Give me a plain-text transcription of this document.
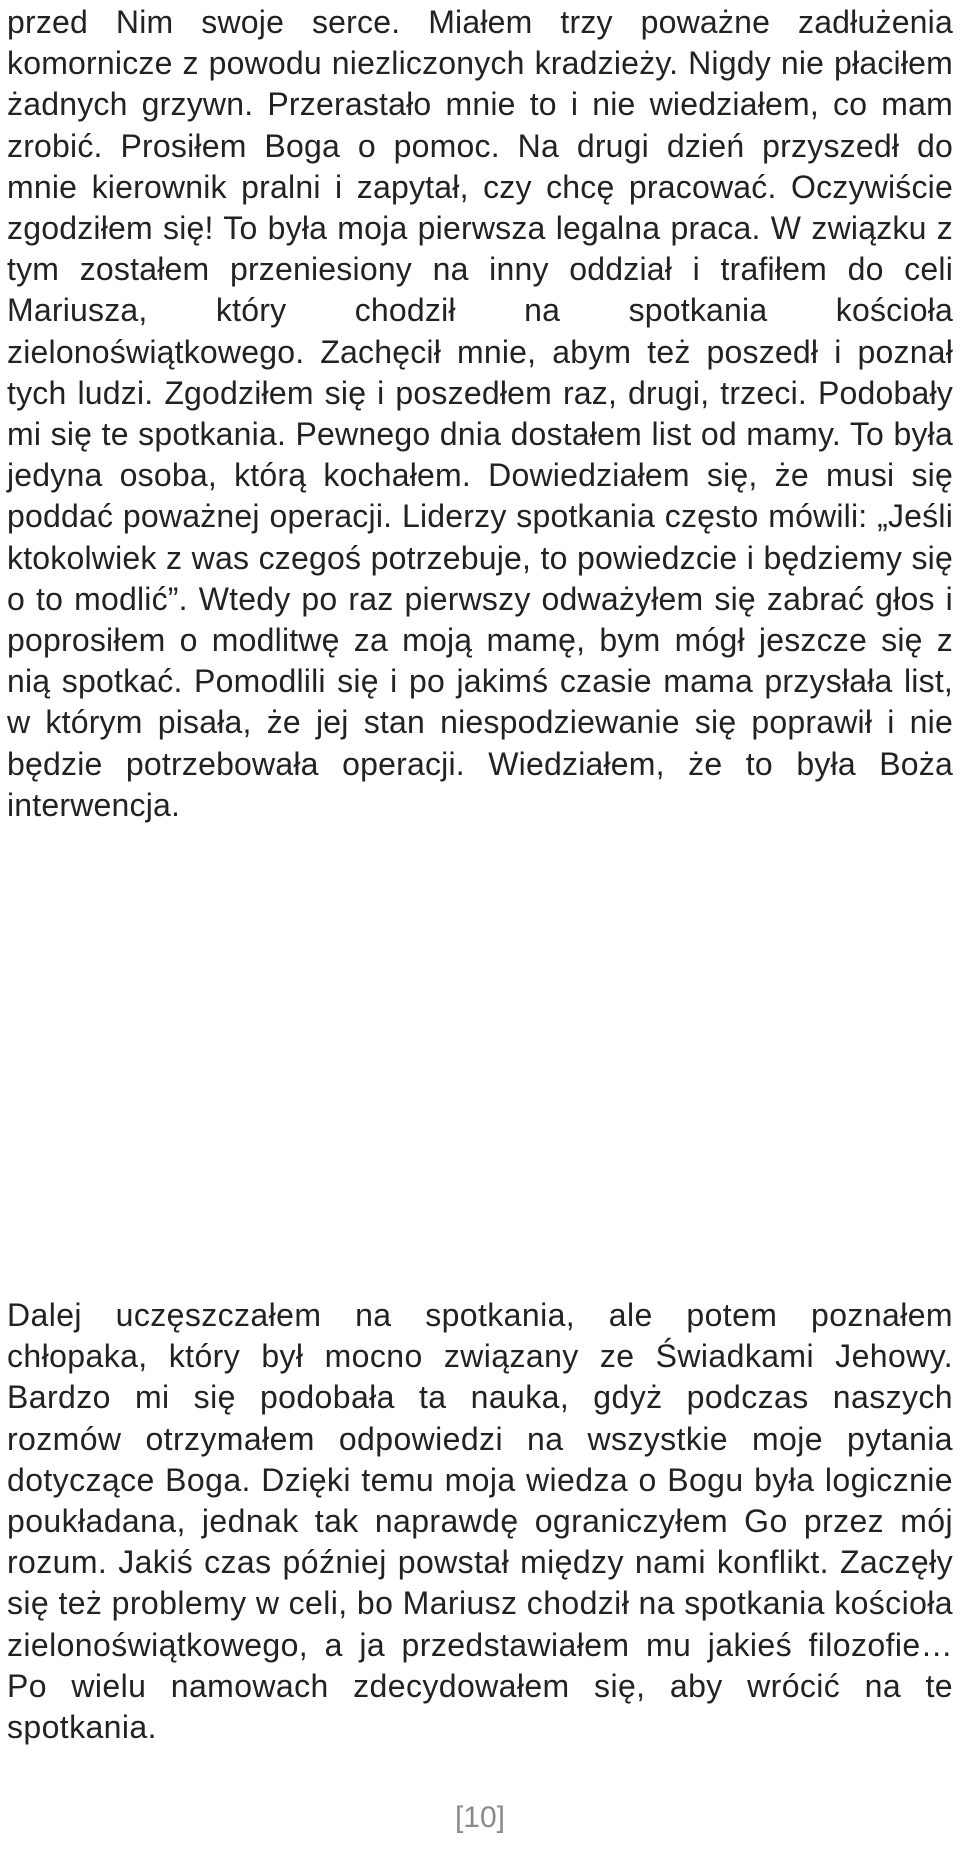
przed Nim swoje serce. Miałem trzy poważne zadłużenia komornicze z powodu niezliczonych kradzieży. Nigdy nie płaciłem żadnych grzywn. Przerastało mnie to i nie wiedziałem, co mam zrobić. Prosiłem Boga o pomoc. Na drugi dzień przyszedł do mnie kierownik pralni i zapytał, czy chcę pracować. Oczywiście zgodziłem się! To była moja pierwsza legalna praca. W związku z tym zostałem przeniesiony na inny oddział i trafiłem do celi Mariusza, który chodził na spotkania kościoła zielonoświątkowego. Zachęcił mnie, abym też poszedł i poznał tych ludzi. Zgodziłem się i poszedłem raz, drugi, trzeci. Podobały mi się te spotkania. Pewnego dnia dostałem list od mamy. To była jedyna osoba, którą kochałem. Dowiedziałem się, że musi się poddać poważnej operacji. Liderzy spotkania często mówili: „Jeśli ktokolwiek z was czegoś potrzebuje, to powiedzcie i będziemy się o to modlić”. Wtedy po raz pierwszy odważyłem się zabrać głos i poprosiłem o modlitwę za moją mamę, bym mógł jeszcze się z nią spotkać. Pomodlili się i po jakimś czasie mama przysłała list, w którym pisała, że jej stan niespodziewanie się poprawił i nie będzie potrzebowała operacji. Wiedziałem, że to była Boża interwencja.

Dalej uczęszczałem na spotkania, ale potem poznałem chłopaka, który był mocno związany ze Świadkami Jehowy. Bardzo mi się podobała ta nauka, gdyż podczas naszych rozmów otrzymałem odpowiedzi na wszystkie moje pytania dotyczące Boga. Dzięki temu moja wiedza o Bogu była logicznie poukładana, jednak tak naprawdę ograniczyłem Go przez mój rozum. Jakiś czas później powstał między nami konflikt. Zaczęły się też problemy w celi, bo Mariusz chodził na spotkania kościoła zielonoświątkowego, a ja przedstawiałem mu jakieś filozofie… Po wielu namowach zdecydowałem się, aby wrócić na te spotkania.

[10]
